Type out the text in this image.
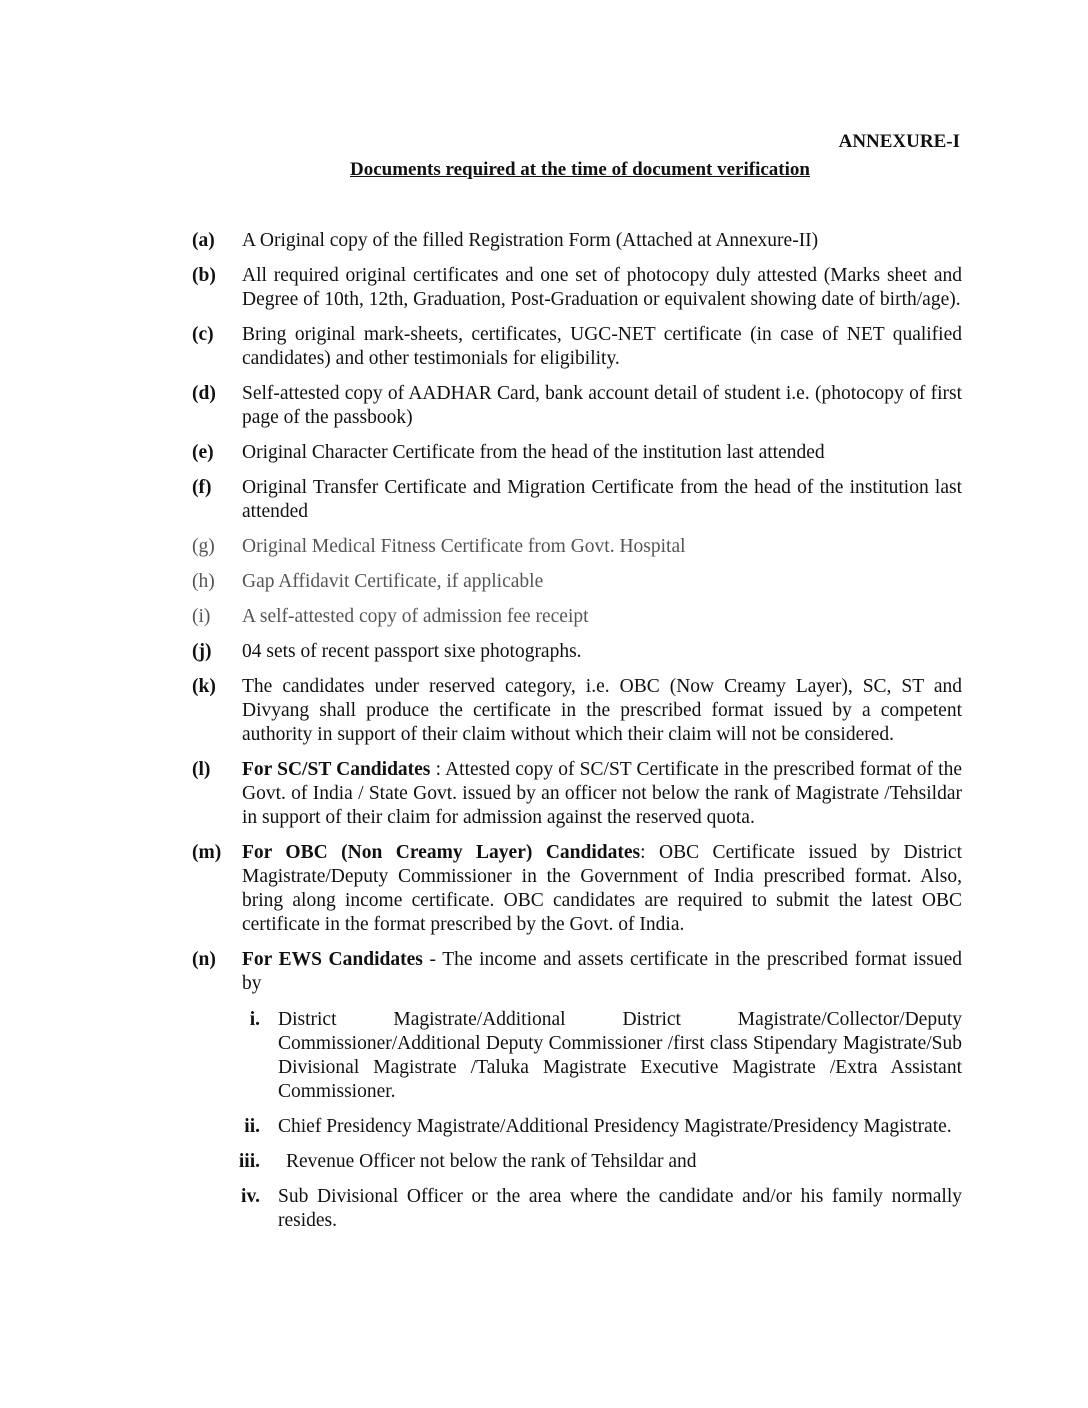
ANNEXURE-I
Documents required at the time of document verification
(a) A Original copy of the filled Registration Form (Attached at Annexure-II)
(b) All required original certificates and one set of photocopy duly attested (Marks sheet and Degree of 10th, 12th, Graduation, Post-Graduation or equivalent showing date of birth/age).
(c) Bring original mark-sheets, certificates, UGC-NET certificate (in case of NET qualified candidates) and other testimonials for eligibility.
(d) Self-attested copy of AADHAR Card, bank account detail of student i.e. (photocopy of first page of the passbook)
(e) Original Character Certificate from the head of the institution last attended
(f) Original Transfer Certificate and Migration Certificate from the head of the institution last attended
(g) Original Medical Fitness Certificate from Govt. Hospital
(h) Gap Affidavit Certificate, if applicable
(i) A self-attested copy of admission fee receipt
(j) 04 sets of recent passport sixe photographs.
(k) The candidates under reserved category, i.e. OBC (Now Creamy Layer), SC, ST and Divyang shall produce the certificate in the prescribed format issued by a competent authority in support of their claim without which their claim will not be considered.
(l) For SC/ST Candidates : Attested copy of SC/ST Certificate in the prescribed format of the Govt. of India / State Govt. issued by an officer not below the rank of Magistrate /Tehsildar in support of their claim for admission against the reserved quota.
(m) For OBC (Non Creamy Layer) Candidates: OBC Certificate issued by District Magistrate/Deputy Commissioner in the Government of India prescribed format. Also, bring along income certificate. OBC candidates are required to submit the latest OBC certificate in the format prescribed by the Govt. of India.
(n) For EWS Candidates - The income and assets certificate in the prescribed format issued by
i. District Magistrate/Additional District Magistrate/Collector/Deputy Commissioner/Additional Deputy Commissioner /first class Stipendary Magistrate/Sub Divisional Magistrate /Taluka Magistrate Executive Magistrate /Extra Assistant Commissioner.
ii. Chief Presidency Magistrate/Additional Presidency Magistrate/Presidency Magistrate.
iii. Revenue Officer not below the rank of Tehsildar and
iv. Sub Divisional Officer or the area where the candidate and/or his family normally resides.
